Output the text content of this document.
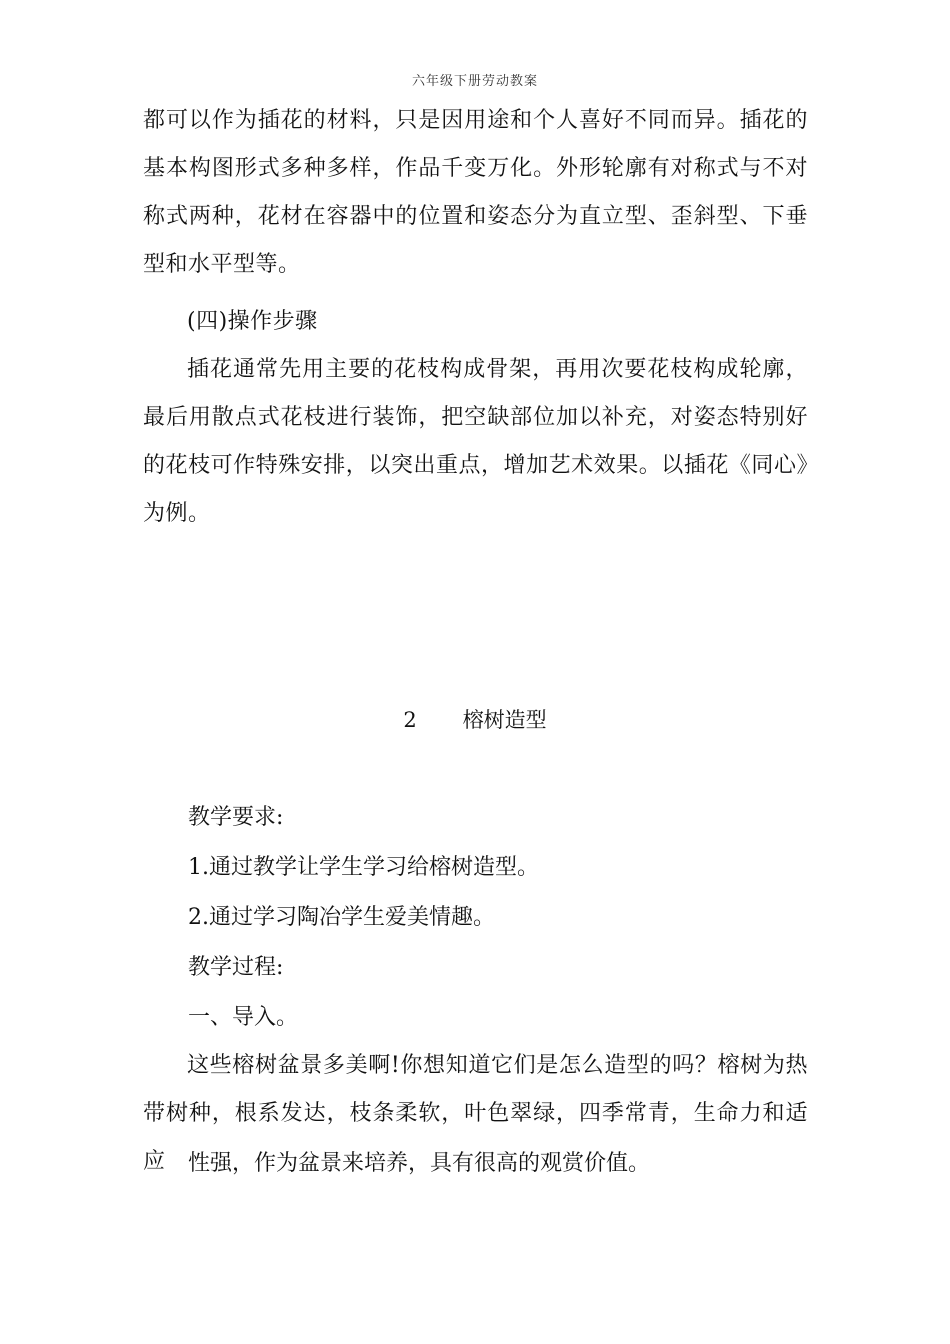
六年级下册劳动教案

都可以作为插花的材料，只是因用途和个人喜好不同而异。插花的基本构图形式多种多样，作品千变万化。外形轮廓有对称式与不对称式两种，花材在容器中的位置和姿态分为直立型、歪斜型、下垂型和水平型等。

(四)操作步骤

插花通常先用主要的花枝构成骨架，再用次要花枝构成轮廓，最后用散点式花枝进行装饰，把空缺部位加以补充，对姿态特别好的花枝可作特殊安排，以突出重点，增加艺术效果。以插花《同心》为例。

2 榕树造型
教学要求:
1.通过教学让学生学习给榕树造型。
2.通过学习陶冶学生爱美情趣。
教学过程:
一、导入。

这些榕树盆景多美啊!你想知道它们是怎么造型的吗？榕树为热带树种，根系发达，枝条柔软，叶色翠绿，四季常青，生命力和适应	性强，作为盆景来培养，具有很高的观赏价值。
